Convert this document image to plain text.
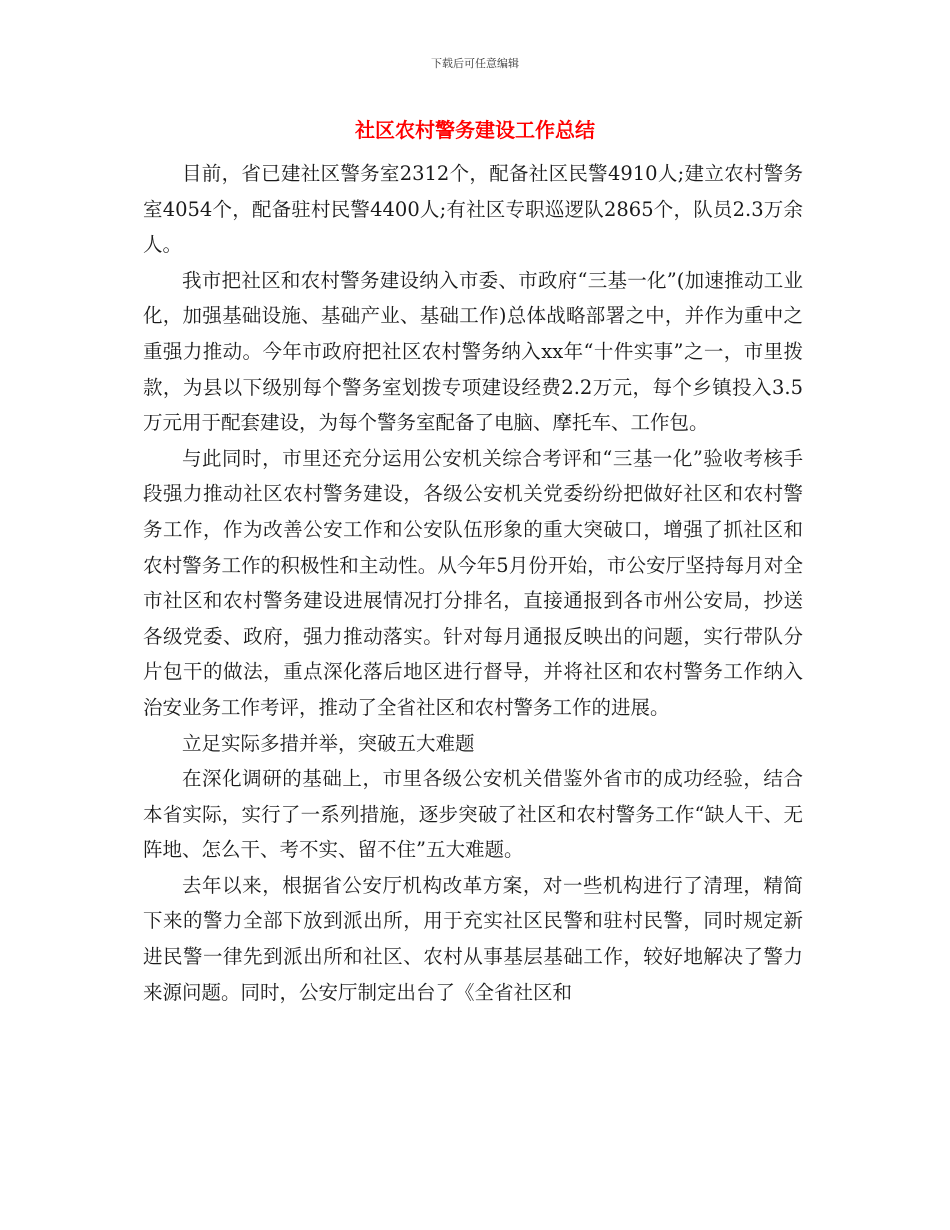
下载后可任意编辑
社区农村警务建设工作总结

目前，省已建社区警务室2312个，配备社区民警4910人;建立农村警务室4054个，配备驻村民警4400人;有社区专职巡逻队2865个，队员2.3万余人。

我市把社区和农村警务建设纳入市委、市政府“三基一化”(加速推动工业化，加强基础设施、基础产业、基础工作)总体战略部署之中，并作为重中之重强力推动。今年市政府把社区农村警务纳入xx年“十件实事”之一，市里拨款，为县以下级别每个警务室划拨专项建设经费2.2万元，每个乡镇投入3.5万元用于配套建设，为每个警务室配备了电脑、摩托车、工作包。

与此同时，市里还充分运用公安机关综合考评和“三基一化”验收考核手段强力推动社区农村警务建设，各级公安机关党委纷纷把做好社区和农村警务工作，作为改善公安工作和公安队伍形象的重大突破口，增强了抓社区和农村警务工作的积极性和主动性。从今年5月份开始，市公安厅坚持每月对全市社区和农村警务建设进展情况打分排名，直接通报到各市州公安局，抄送各级党委、政府，强力推动落实。针对每月通报反映出的问题，实行带队分片包干的做法，重点深化落后地区进行督导，并将社区和农村警务工作纳入治安业务工作考评，推动了全省社区和农村警务工作的进展。

立足实际多措并举，突破五大难题

在深化调研的基础上，市里各级公安机关借鉴外省市的成功经验，结合本省实际，实行了一系列措施，逐步突破了社区和农村警务工作“缺人干、无阵地、怎么干、考不实、留不住”五大难题。

去年以来，根据省公安厅机构改革方案，对一些机构进行了清理，精简下来的警力全部下放到派出所，用于充实社区民警和驻村民警，同时规定新进民警一律先到派出所和社区、农村从事基层基础工作，较好地解决了警力来源问题。同时，公安厅制定出台了《全省社区和
